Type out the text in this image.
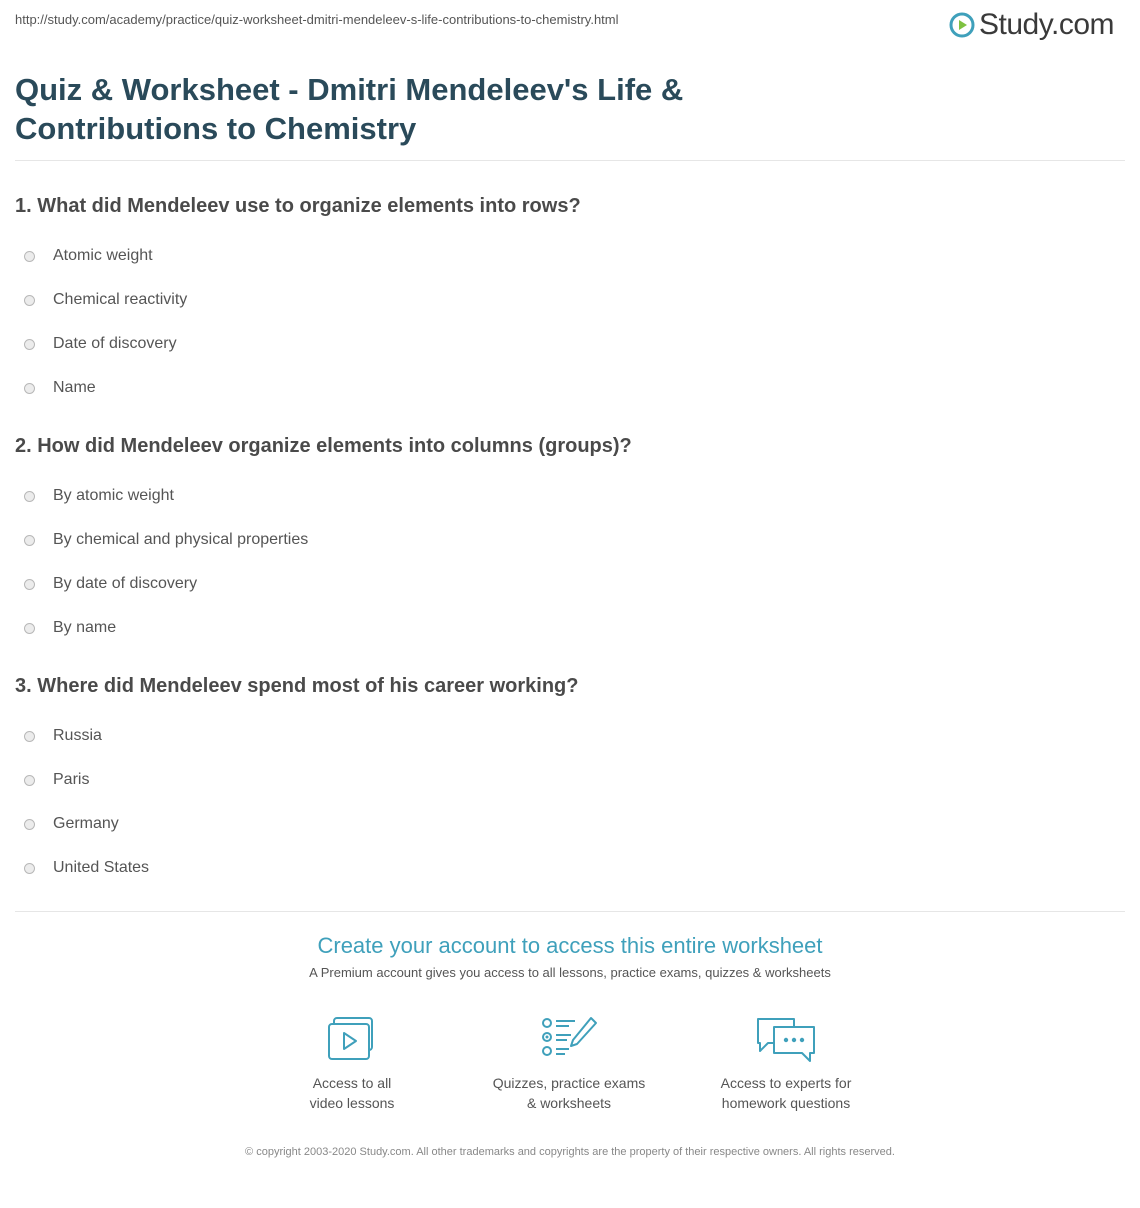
http://study.com/academy/practice/quiz-worksheet-dmitri-mendeleev-s-life-contributions-to-chemistry.html	Study.com
Quiz & Worksheet - Dmitri Mendeleev's Life & Contributions to Chemistry

1. What did Mendeleev use to organize elements into rows?

Atomic weight
Chemical reactivity
Date of discovery
Name

2. How did Mendeleev organize elements into columns (groups)?

By atomic weight
By chemical and physical properties
By date of discovery
By name

3. Where did Mendeleev spend most of his career working?

Russia
Paris
Germany
United States
Create your account to access this entire worksheet
A Premium account gives you access to all lessons, practice exams, quizzes & worksheets
Access to all
video lessons
Quizzes, practice exams
& worksheets
Access to experts for
homework questions
© copyright 2003-2020 Study.com. All other trademarks and copyrights are the property of their respective owners. All rights reserved.
